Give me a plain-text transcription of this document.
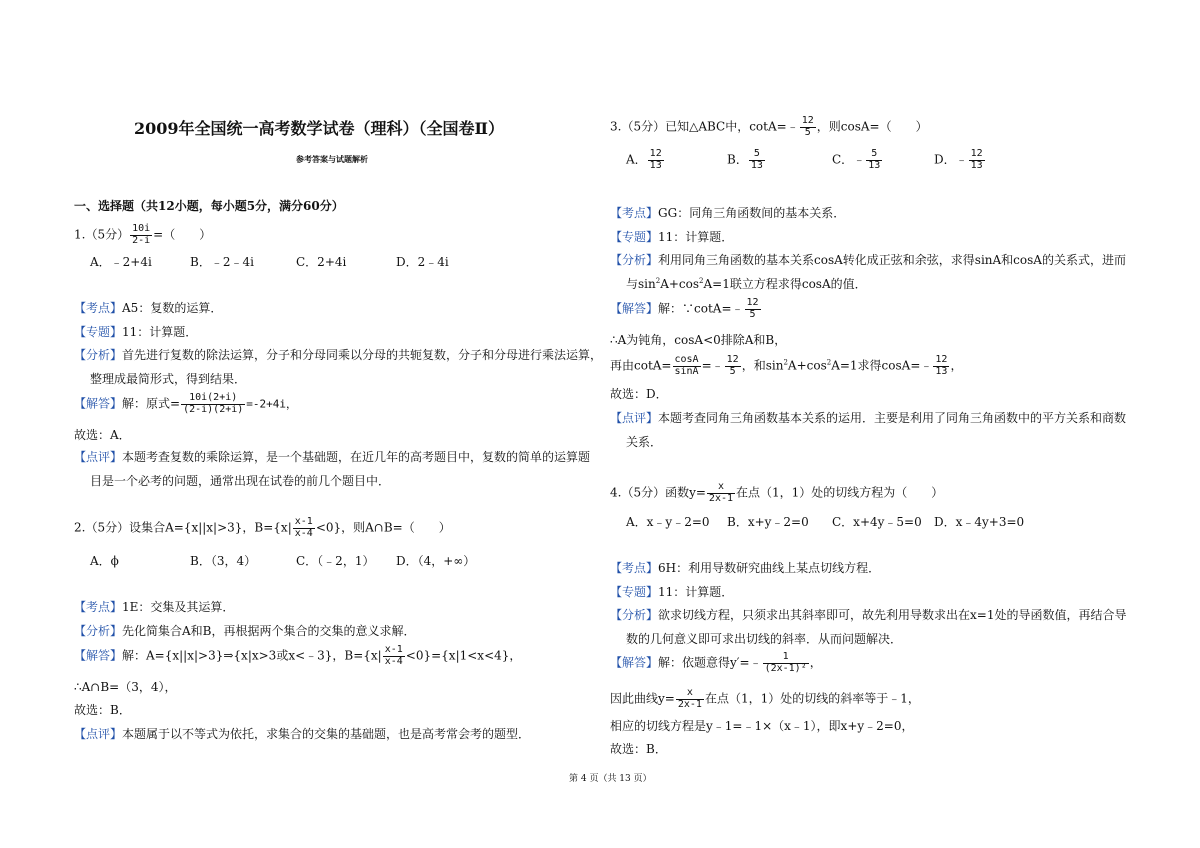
2009年全国统一高考数学试卷（理科）（全国卷Ⅱ）
参考答案与试题解析
一、选择题（共12小题，每小题5分，满分60分）
1.（5分） $\frac{10i}{2-i}$ =（　　）
A．﹣2+4i	B．﹣2﹣4i	C．2+4i	D．2﹣4i
【考点】A5：复数的运算．
【专题】11：计算题．
【分析】首先进行复数的除法运算，分子和分母同乘以分母的共轭复数，分子和分母进行乘法运算，
整理成最简形式，得到结果．
【解答】解：原式= $\frac{10i(2+i)}{(2-i)(2+i)} =-2+4i$，
故选：A．
【点评】本题考查复数的乘除运算，是一个基础题，在近几年的高考题目中，复数的简单的运算题
目是一个必考的问题，通常出现在试卷的前几个题目中．
2.（5分）设集合A={x||x|>3}，$B=\{x| \frac{x-1}{x-4} <0\}$，则A∩B=（　　）
A．ϕ	B．（3，4）	C．（﹣2，1） D．（4，+∞）
【考点】1E：交集及其运算．
【分析】先化简集合A和B，再根据两个集合的交集的意义求解．
【解答】解：A={x||x|>3}⇒{x|x>3或x<﹣3}，$B=\{x| \frac{x-1}{x-4} <0\}=\{x|1<x<4\}$，
∴A∩B=（3，4），
故选：B．
【点评】本题属于以不等式为依托，求集合的交集的基础题，也是高考常会考的题型．
3.（5分）已知△ABC中，cotA=﹣ $\frac{12}{5}$ ，则cosA=（　　）
A． $\frac{12}{13}$	B． $\frac{5}{13}$	C．﹣ $\frac{5}{13}$	D．﹣ $\frac{12}{13}$
【考点】GG：同角三角函数间的基本关系．
【专题】11：计算题．
【分析】利用同角三角函数的基本关系cosA转化成正弦和余弦，求得sinA和cosA的关系式，进而
与$\sin^2A+\cos^2A=1$联立方程求得cosA的值．
【解答】解：∵cotA=﹣ $\frac{12}{5}$
∴A为钝角，cosA<0排除A和B，
再由$\cot A= \frac{\cos A}{\sin A}$ =﹣ $\frac{12}{5}$ ，和$\sin^2A+\cos^2A=1$求得cosA=﹣ $\frac{12}{13}$ ，
故选：D．
【点评】本题考查同角三角函数基本关系的运用．主要是利用了同角三角函数中的平方关系和商数
关系．
4.（5分）函数$y= \frac{x}{2x-1}$ 在点（1，1）处的切线方程为（　　）
A．x﹣y﹣2=0 B．x+y﹣2=0 C．x+4y﹣5=0 D．x﹣4y+3=0
【考点】6H：利用导数研究曲线上某点切线方程．
【专题】11：计算题．
【分析】欲求切线方程，只须求出其斜率即可，故先利用导数求出在x=1处的导函数值，再结合导
数的几何意义即可求出切线的斜率．从而问题解决．
【解答】解：依题意得y′=﹣ $\frac{1}{\text{(2x-1)²}}$ ，
因此曲线$y= \frac{x}{2x-1}$ 在点（1，1）处的切线的斜率等于﹣1，
相应的切线方程是y﹣1=﹣1×（x﹣1），即x+y﹣2=0，
故选：B．
第 4 页（共 13 页）
